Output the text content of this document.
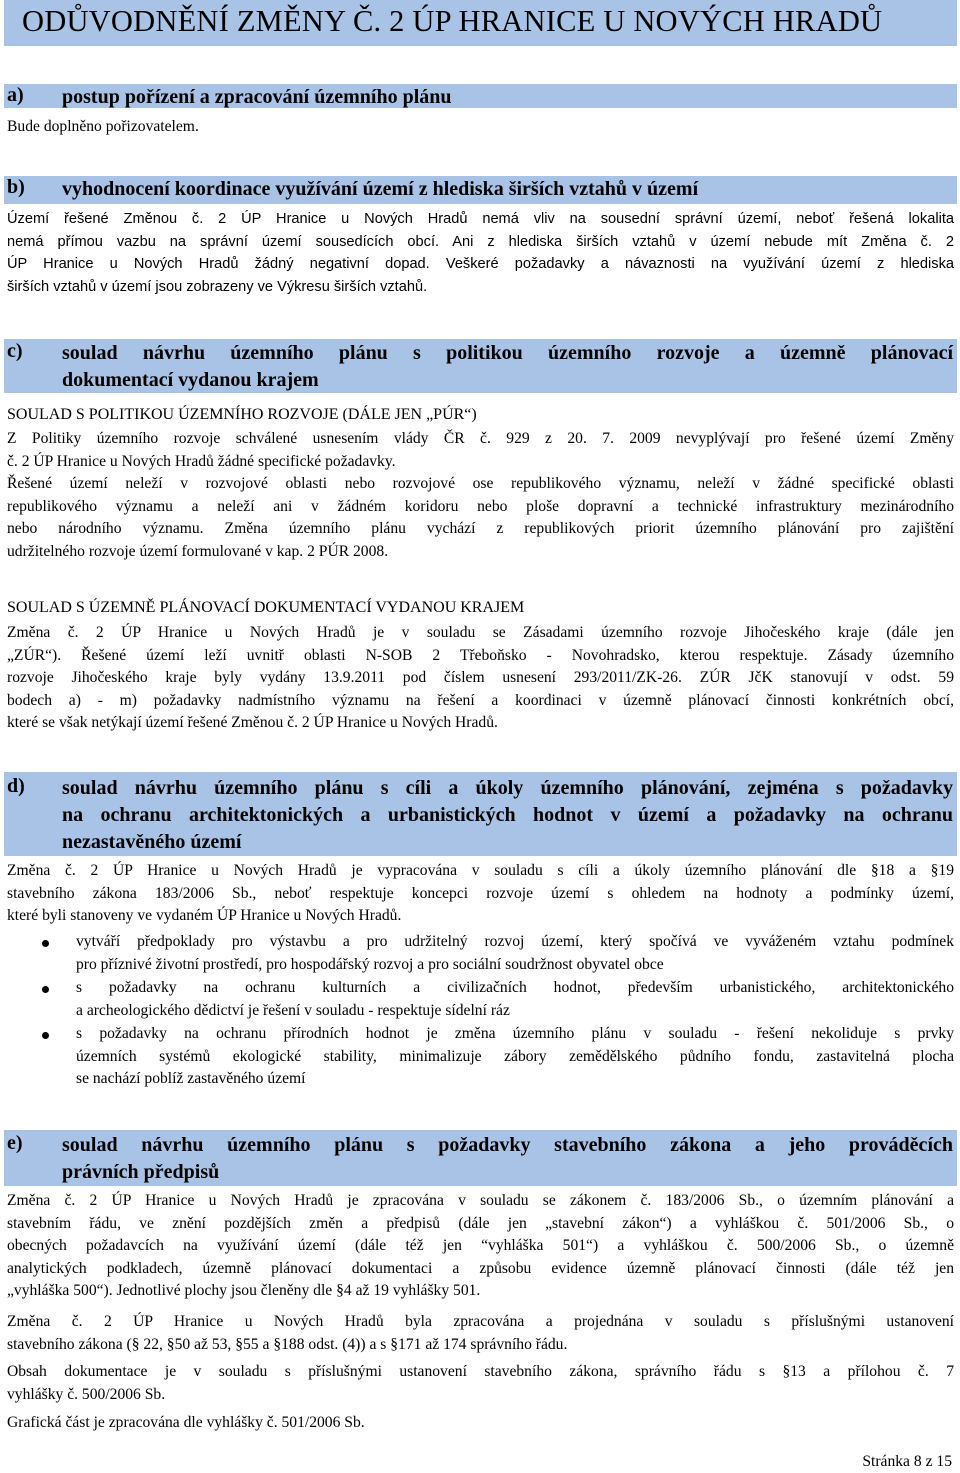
ODŮVODNĚNÍ ZMĚNY Č. 2 ÚP HRANICE U NOVÝCH HRADŮ
a) postup pořízení a zpracování územního plánu
Bude doplněno pořizovatelem.
b) vyhodnocení koordinace využívání území z hlediska širších vztahů v území
Území řešené Změnou č. 2 ÚP Hranice u Nových Hradů nemá vliv na sousední správní území, neboť řešená lokalita
nemá přímou vazbu na správní území sousedících obcí. Ani z hlediska širších vztahů v území nebude mít Změna č. 2
ÚP Hranice u Nových Hradů žádný negativní dopad. Veškeré požadavky a návaznosti na využívání území z hlediska
širších vztahů v území jsou zobrazeny ve Výkresu širších vztahů.
c) soulad návrhu územního plánu s politikou územního rozvoje a územně plánovací
dokumentací vydanou krajem
SOULAD S POLITIKOU ÚZEMNÍHO ROZVOJE (DÁLE JEN „PÚR“)
Z Politiky územního rozvoje schválené usnesením vlády ČR č. 929 z 20. 7. 2009 nevyplývají pro řešené území Změny
č. 2 ÚP Hranice u Nových Hradů žádné specifické požadavky.
Řešené území neleží v rozvojové oblasti nebo rozvojové ose republikového významu, neleží v žádné specifické oblasti
republikového významu a neleží ani v žádném koridoru nebo ploše dopravní a technické infrastruktury mezinárodního
nebo národního významu. Změna územního plánu vychází z republikových priorit územního plánování pro zajištění
udržitelného rozvoje území formulované v kap. 2 PÚR 2008.
SOULAD S ÚZEMNĚ PLÁNOVACÍ DOKUMENTACÍ VYDANOU KRAJEM
Změna č. 2 ÚP Hranice u Nových Hradů je v souladu se Zásadami územního rozvoje Jihočeského kraje (dále jen
„ZÚR“). Řešené území leží uvnitř oblasti N-SOB 2 Třeboňsko - Novohradsko, kterou respektuje. Zásady územního
rozvoje Jihočeského kraje byly vydány 13.9.2011 pod číslem usnesení 293/2011/ZK-26. ZÚR JčK stanovují v odst. 59
bodech a) - m) požadavky nadmístního významu na řešení a koordinaci v územně plánovací činnosti konkrétních obcí,
které se však netýkají území řešené Změnou č. 2 ÚP Hranice u Nových Hradů.
d) soulad návrhu územního plánu s cíli a úkoly územního plánování, zejména s požadavky
na ochranu architektonických a urbanistických hodnot v území a požadavky na ochranu
nezastavěného území
Změna č. 2 ÚP Hranice u Nových Hradů je vypracována v souladu s cíli a úkoly územního plánování dle §18 a §19
stavebního zákona 183/2006 Sb., neboť respektuje koncepci rozvoje území s ohledem na hodnoty a podmínky území,
které byli stanoveny ve vydaném ÚP Hranice u Nových Hradů.
vytváří předpoklady pro výstavbu a pro udržitelný rozvoj území, který spočívá ve vyváženém vztahu podmínek
pro příznivé životní prostředí, pro hospodářský rozvoj a pro sociální soudržnost obyvatel obce
s požadavky na ochranu kulturních a civilizačních hodnot, především urbanistického, architektonického
a archeologického dědictví je řešení v souladu - respektuje sídelní ráz
s požadavky na ochranu přírodních hodnot je změna územního plánu v souladu - řešení nekoliduje s prvky
územních systémů ekologické stability, minimalizuje zábory zemědělského půdního fondu, zastavitelná plocha
se nachází poblíž zastavěného území
e) soulad návrhu územního plánu s požadavky stavebního zákona a jeho prováděcích
právních předpisů
Změna č. 2 ÚP Hranice u Nových Hradů je zpracována v souladu se zákonem č. 183/2006 Sb., o územním plánování a
stavebním řádu, ve znění pozdějších změn a předpisů (dále jen „stavební zákon“) a vyhláškou č. 501/2006 Sb., o
obecných požadavcích na využívání území (dále též jen “vyhláška 501“) a vyhláškou č. 500/2006 Sb., o územně
analytických podkladech, územně plánovací dokumentaci a způsobu evidence územně plánovací činnosti (dále též jen
„vyhláška 500“). Jednotlivé plochy jsou členěny dle §4 až 19 vyhlášky 501.
Změna č. 2 ÚP Hranice u Nových Hradů byla zpracována a projednána v souladu s příslušnými ustanovení
stavebního zákona (§ 22, §50 až 53, §55 a §188 odst. (4)) a s §171 až 174 správního řádu.
Obsah dokumentace je v souladu s příslušnými ustanovení stavebního zákona, správního řádu s §13 a přílohou č. 7
vyhlášky č. 500/2006 Sb.
Grafická část je zpracována dle vyhlášky č. 501/2006 Sb.
Stránka 8 z 15
